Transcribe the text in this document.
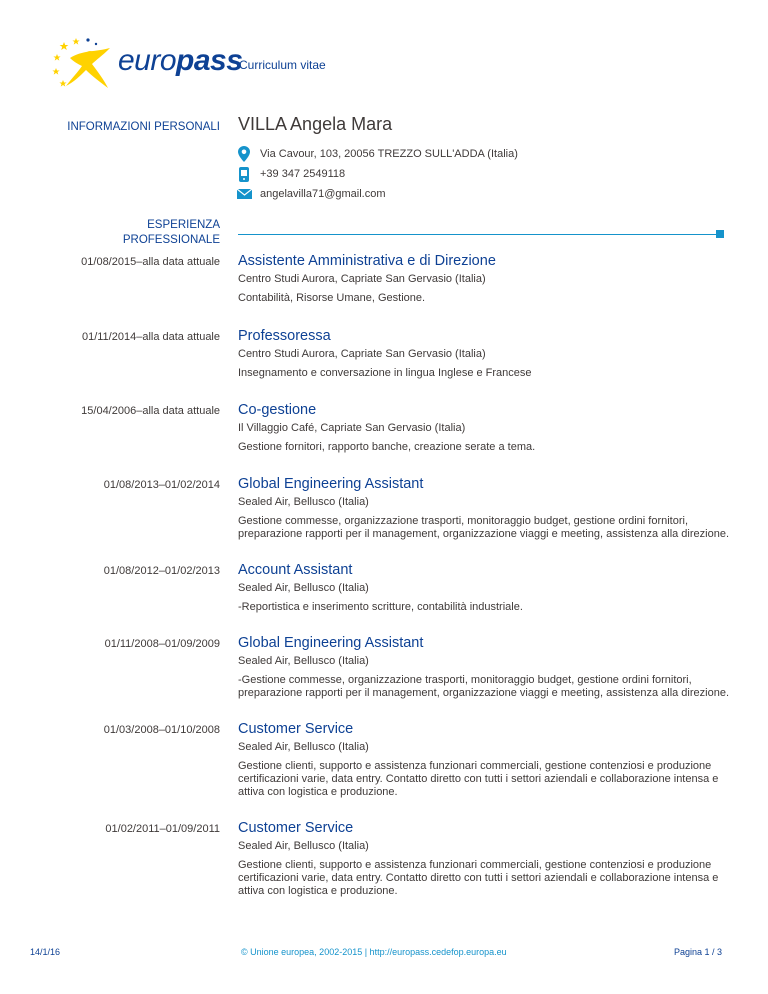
europass
Curriculum vitae
INFORMAZIONI PERSONALI VILLA Angela Mara
Via Cavour, 103, 20056 TREZZO SULL'ADDA (Italia)
+39 347 2549118
angelavilla71@gmail.com
ESPERIENZA
PROFESSIONALE
01/08/2015–alla data attuale Assistente Amministrativa e di Direzione
Centro Studi Aurora, Capriate San Gervasio (Italia)
Contabilità, Risorse Umane, Gestione.
01/11/2014–alla data attuale Professoressa
Centro Studi Aurora, Capriate San Gervasio (Italia)
Insegnamento e conversazione in lingua Inglese e Francese
15/04/2006–alla data attuale Co-gestione
Il Villaggio Café, Capriate San Gervasio (Italia)
Gestione fornitori, rapporto banche, creazione serate a tema.
01/08/2013–01/02/2014 Global Engineering Assistant
Sealed Air, Bellusco (Italia)
Gestione commesse, organizzazione trasporti, monitoraggio budget, gestione ordini fornitori,
preparazione rapporti per il management, organizzazione viaggi e meeting, assistenza alla direzione.
01/08/2012–01/02/2013 Account Assistant
Sealed Air, Bellusco (Italia)
-Reportistica e inserimento scritture, contabilità industriale.
01/11/2008–01/09/2009 Global Engineering Assistant
Sealed Air, Bellusco (Italia)
-Gestione commesse, organizzazione trasporti, monitoraggio budget, gestione ordini fornitori,
preparazione rapporti per il management, organizzazione viaggi e meeting, assistenza alla direzione.
01/03/2008–01/10/2008 Customer Service
Sealed Air, Bellusco (Italia)
Gestione clienti, supporto e assistenza funzionari commerciali, gestione contenziosi e produzione
certificazioni varie, data entry. Contatto diretto con tutti i settori aziendali e collaborazione intensa e
attiva con logistica e produzione.
01/02/2011–01/09/2011 Customer Service
Sealed Air, Bellusco (Italia)
Gestione clienti, supporto e assistenza funzionari commerciali, gestione contenziosi e produzione
certificazioni varie, data entry. Contatto diretto con tutti i settori aziendali e collaborazione intensa e
attiva con logistica e produzione.
14/1/16	© Unione europea, 2002-2015 | http://europass.cedefop.europa.eu	Pagina 1 / 3
